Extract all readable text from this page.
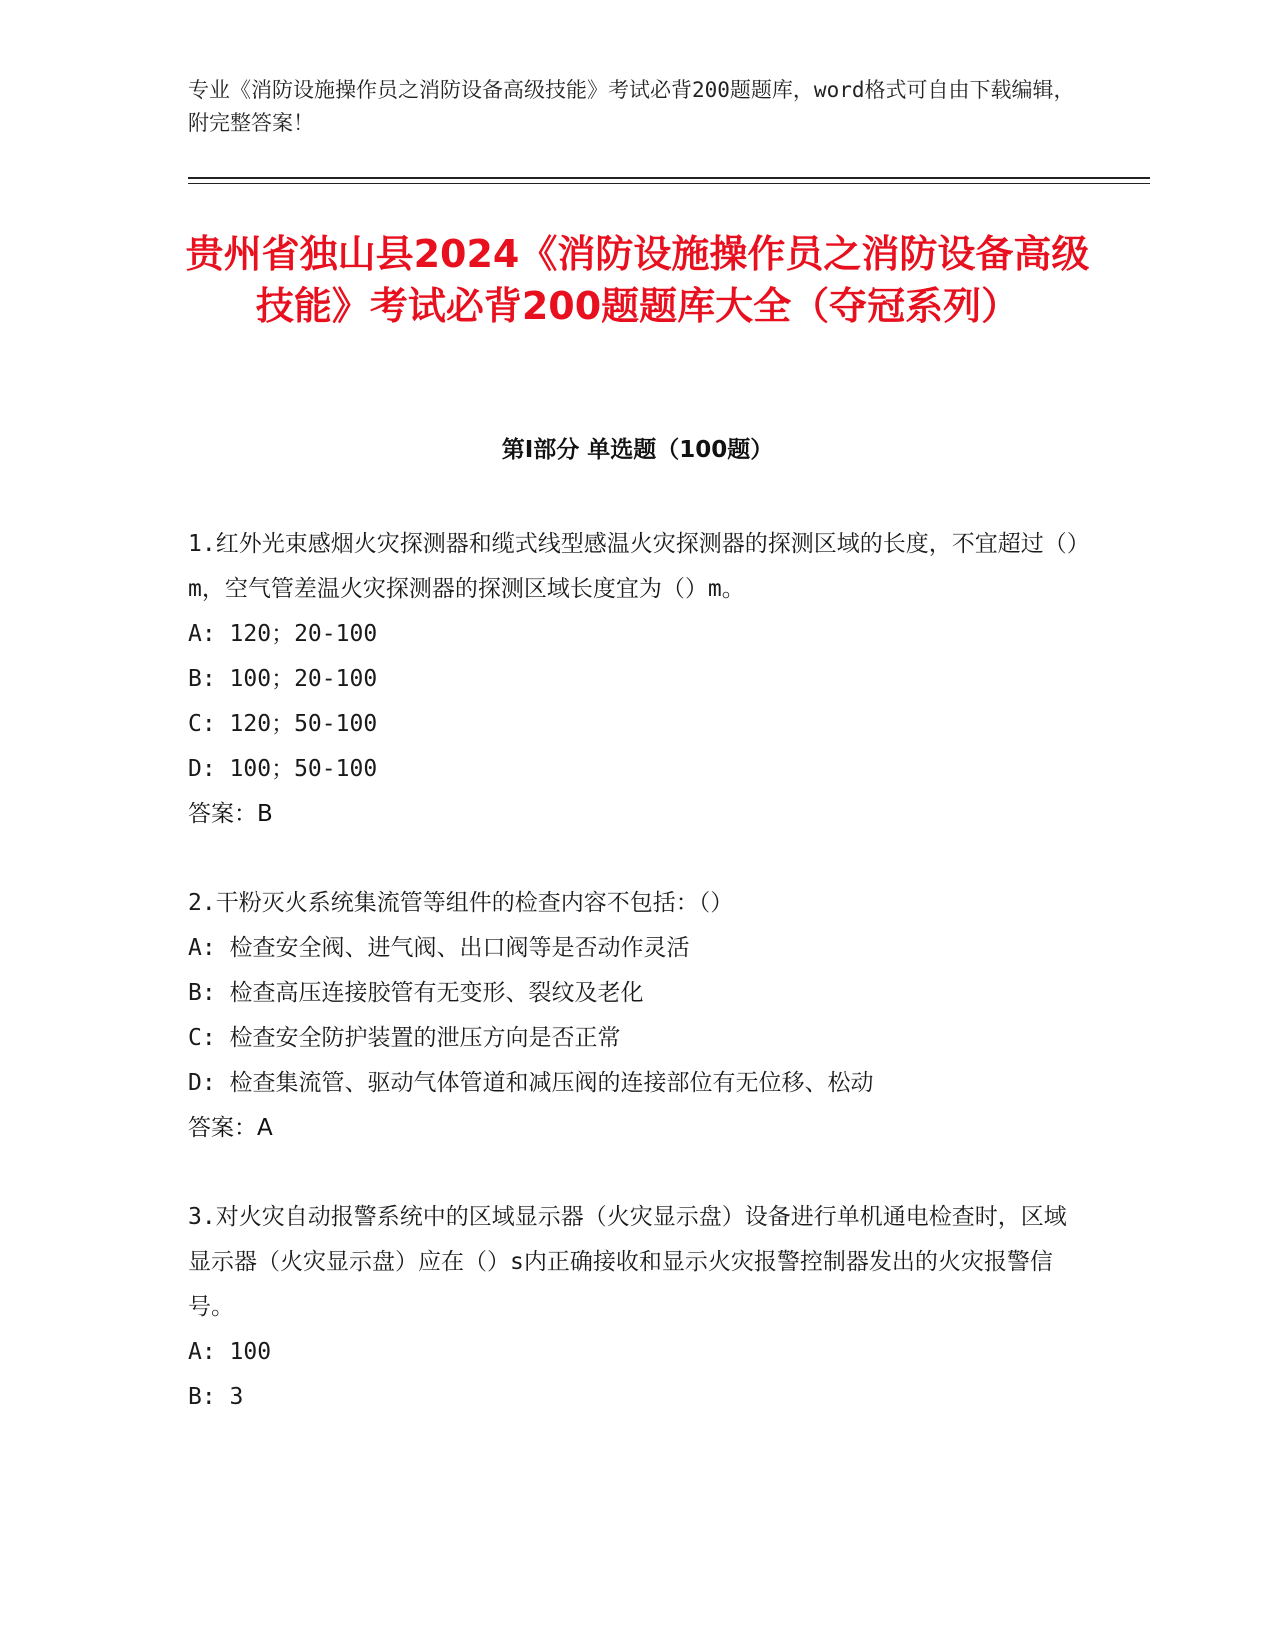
专业《消防设施操作员之消防设备高级技能》考试必背200题题库，word格式可自由下载编辑，附完整答案！
贵州省独山县2024《消防设施操作员之消防设备高级技能》考试必背200题题库大全（夺冠系列）
第Ⅰ部分 单选题（100题）

1.红外光束感烟火灾探测器和缆式线型感温火灾探测器的探测区域的长度，不宜超过（）m，空气管差温火灾探测器的探测区域长度宜为（）m。

A: 120；20-100

B: 100；20-100

C: 120；50-100

D: 100；50-100

答案：B

2.干粉灭火系统集流管等组件的检查内容不包括：（）

A: 检查安全阀、进气阀、出口阀等是否动作灵活

B: 检查高压连接胶管有无变形、裂纹及老化

C: 检查安全防护装置的泄压方向是否正常

D: 检查集流管、驱动气体管道和减压阀的连接部位有无位移、松动

答案：A

3.对火灾自动报警系统中的区域显示器（火灾显示盘）设备进行单机通电检查时，区域显示器（火灾显示盘）应在（）s内正确接收和显示火灾报警控制器发出的火灾报警信号。

A: 100

B: 3
